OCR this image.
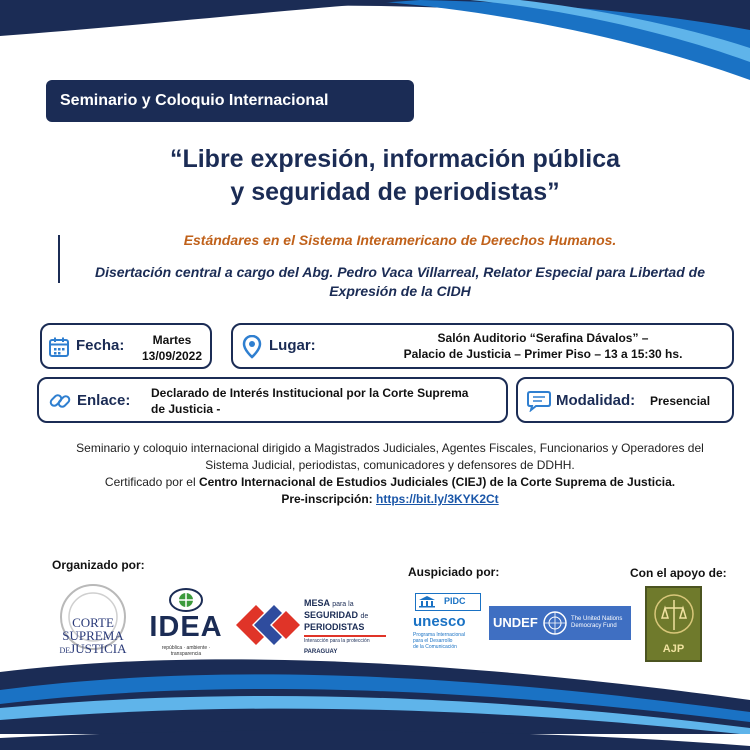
Seminario y Coloquio Internacional
“Libre expresión, información pública
y seguridad de periodistas”
Estándares en el Sistema Interamericano de Derechos Humanos.
Disertación central a cargo del Abg. Pedro Vaca Villarreal, Relator Especial para Libertad de Expresión de la CIDH
Fecha:	Martes
13/09/2022
Lugar:	Salón Auditorio “Serafina Dávalos” –
Palacio de Justicia – Primer Piso – 13 a 15:30 hs.
Enlace: Declarado de Interés Institucional por la Corte Suprema
de Justicia -	Modalidad: Presencial
Seminario y coloquio internacional dirigido a Magistrados Judiciales, Agentes Fiscales, Funcionarios y Operadores del
Sistema Judicial, periodistas, comunicadores y defensores de DDHH.
Certificado por el Centro Internacional de Estudios Judiciales (CIEJ) de la Corte Suprema de Justicia.
Pre-inscripción: https://bit.ly/3KYK2Ct
Organizado por:	Auspiciado por:	Con el apoyo de:
CORTE
SUPREMA
DEJUSTICIA
IDEA
república · ambiente · transparencia
MESA para la
SEGURIDAD de
PERIODISTAS
Interacción para la protección
PARAGUAY
PIDC
unesco
Programa Internacional
para el Desarrollo
de la Comunicación
UNDEF	The United Nations
Democracy Fund
AJP
